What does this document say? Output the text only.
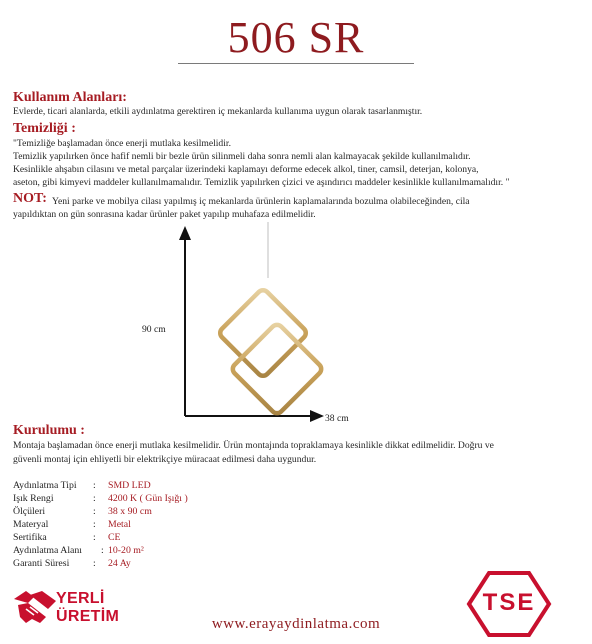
506 SR
Kullanım Alanları:
Evlerde, ticari alanlarda, etkili aydınlatma gerektiren iç mekanlarda kullanıma uygun olarak tasarlanmıştır.
Temizliği :
"Temizliğe başlamadan önce enerji mutlaka kesilmelidir.
Temizlik yapılırken önce hafif nemli bir bezle ürün silinmeli daha sonra nemli alan kalmayacak şekilde kullanılmalıdır.
Kesinlikle ahşabın cilasını ve metal parçalar üzerindeki kaplamayı deforme edecek alkol, tiner, camsil, deterjan, kolonya,
aseton, gibi kimyevi maddeler kullanılmamalıdır. Temizlik yapılırken çizici ve aşındırıcı maddeler kesinlikle kullanılmamalıdır. "
NOT: Yeni parke ve mobilya cilası yapılmış iç mekanlarda ürünlerin kaplamalarında bozulma olabileceğinden, cila
yapıldıktan on gün sonrasına kadar ürünler paket yapılıp muhafaza edilmelidir.
90 cm
38 cm
Kurulumu :
Montaja başlamadan önce enerji mutlaka kesilmelidir. Ürün montajında topraklamaya kesinlikle dikkat edilmelidir. Doğru ve
güvenli montaj için ehliyetli bir elektrikçiye müracaat edilmesi daha uygundur.
Aydınlatma Tipi : SMD LED
Işık Rengi	: 4200 K ( Gün Işığı )
Ölçüleri	: 38 x 90 cm
Materyal	: Metal
Sertifika	: CE
Aydınlatma Alanı : 10-20 m²
Garanti Süresi : 24 Ay
YERLİ
ÜRETİM	www.erayaydinlatma.com
TSE
